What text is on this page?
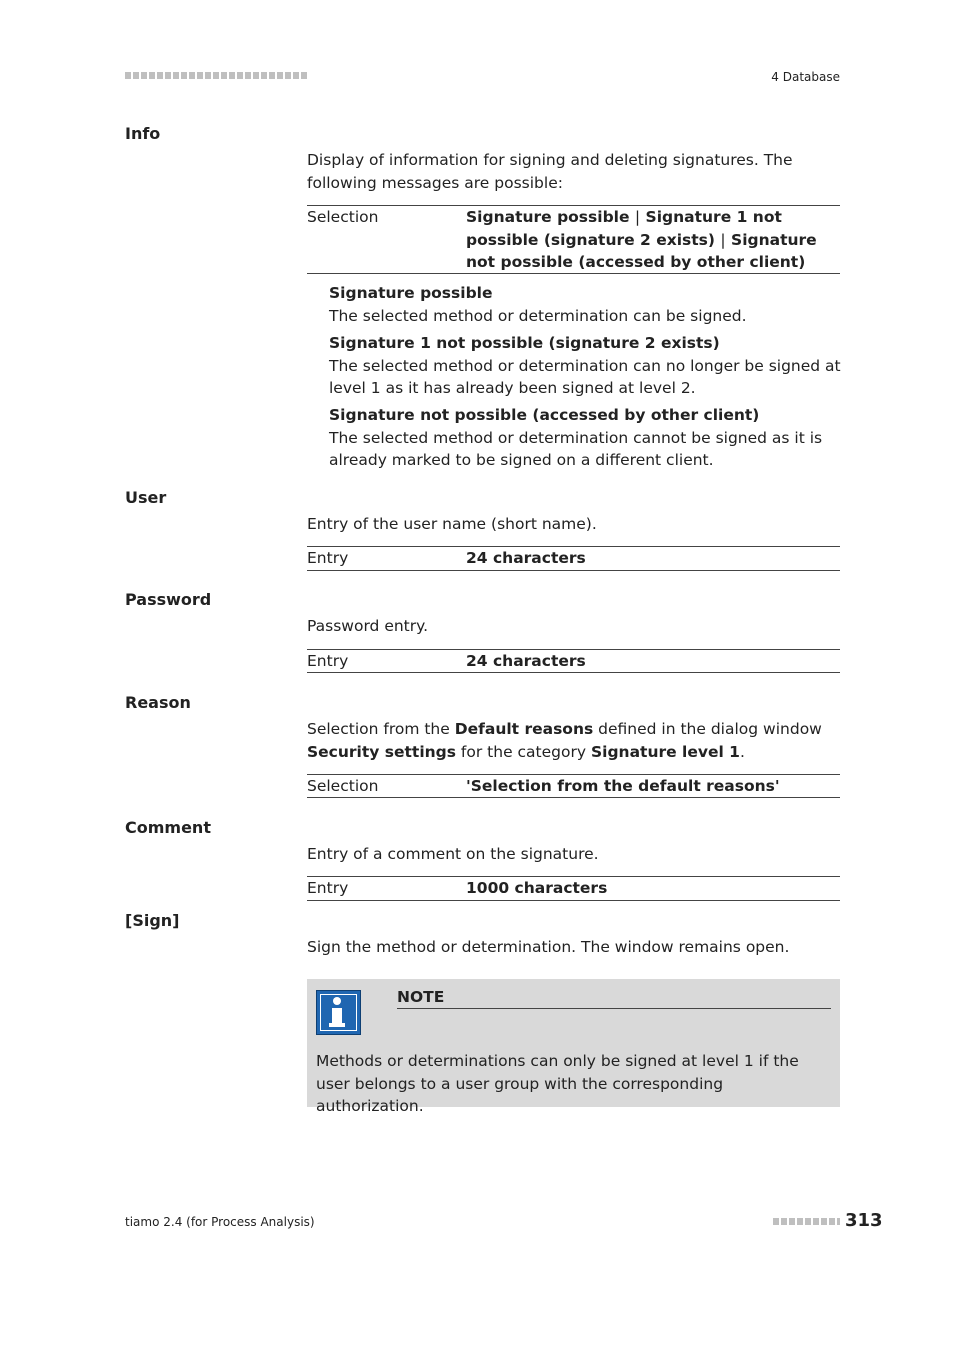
4 Database
Info

Display of information for signing and deleting signatures. The following messages are possible:

Selection	Signature possible | Signature 1 not possible (signature 2 exists) | Signature not possible (accessed by other client)
Signature possible
The selected method or determination can be signed.
Signature 1 not possible (signature 2 exists)
The selected method or determination can no longer be signed at level 1 as it has already been signed at level 2.
Signature not possible (accessed by other client)
The selected method or determination cannot be signed as it is already marked to be signed on a different client.
User
Entry of the user name (short name).
Entry	24 characters
Password
Password entry.
Entry	24 characters
Reason
Selection from the Default reasons defined in the dialog window Security settings for the category Signature level 1.
Selection	'Selection from the default reasons'
Comment
Entry of a comment on the signature.
Entry	1000 characters
[Sign]
Sign the method or determination. The window remains open.
NOTE

Methods or determinations can only be signed at level 1 if the user belongs to a user group with the corresponding authorization.

tiamo 2.4 (for Process Analysis)	313
